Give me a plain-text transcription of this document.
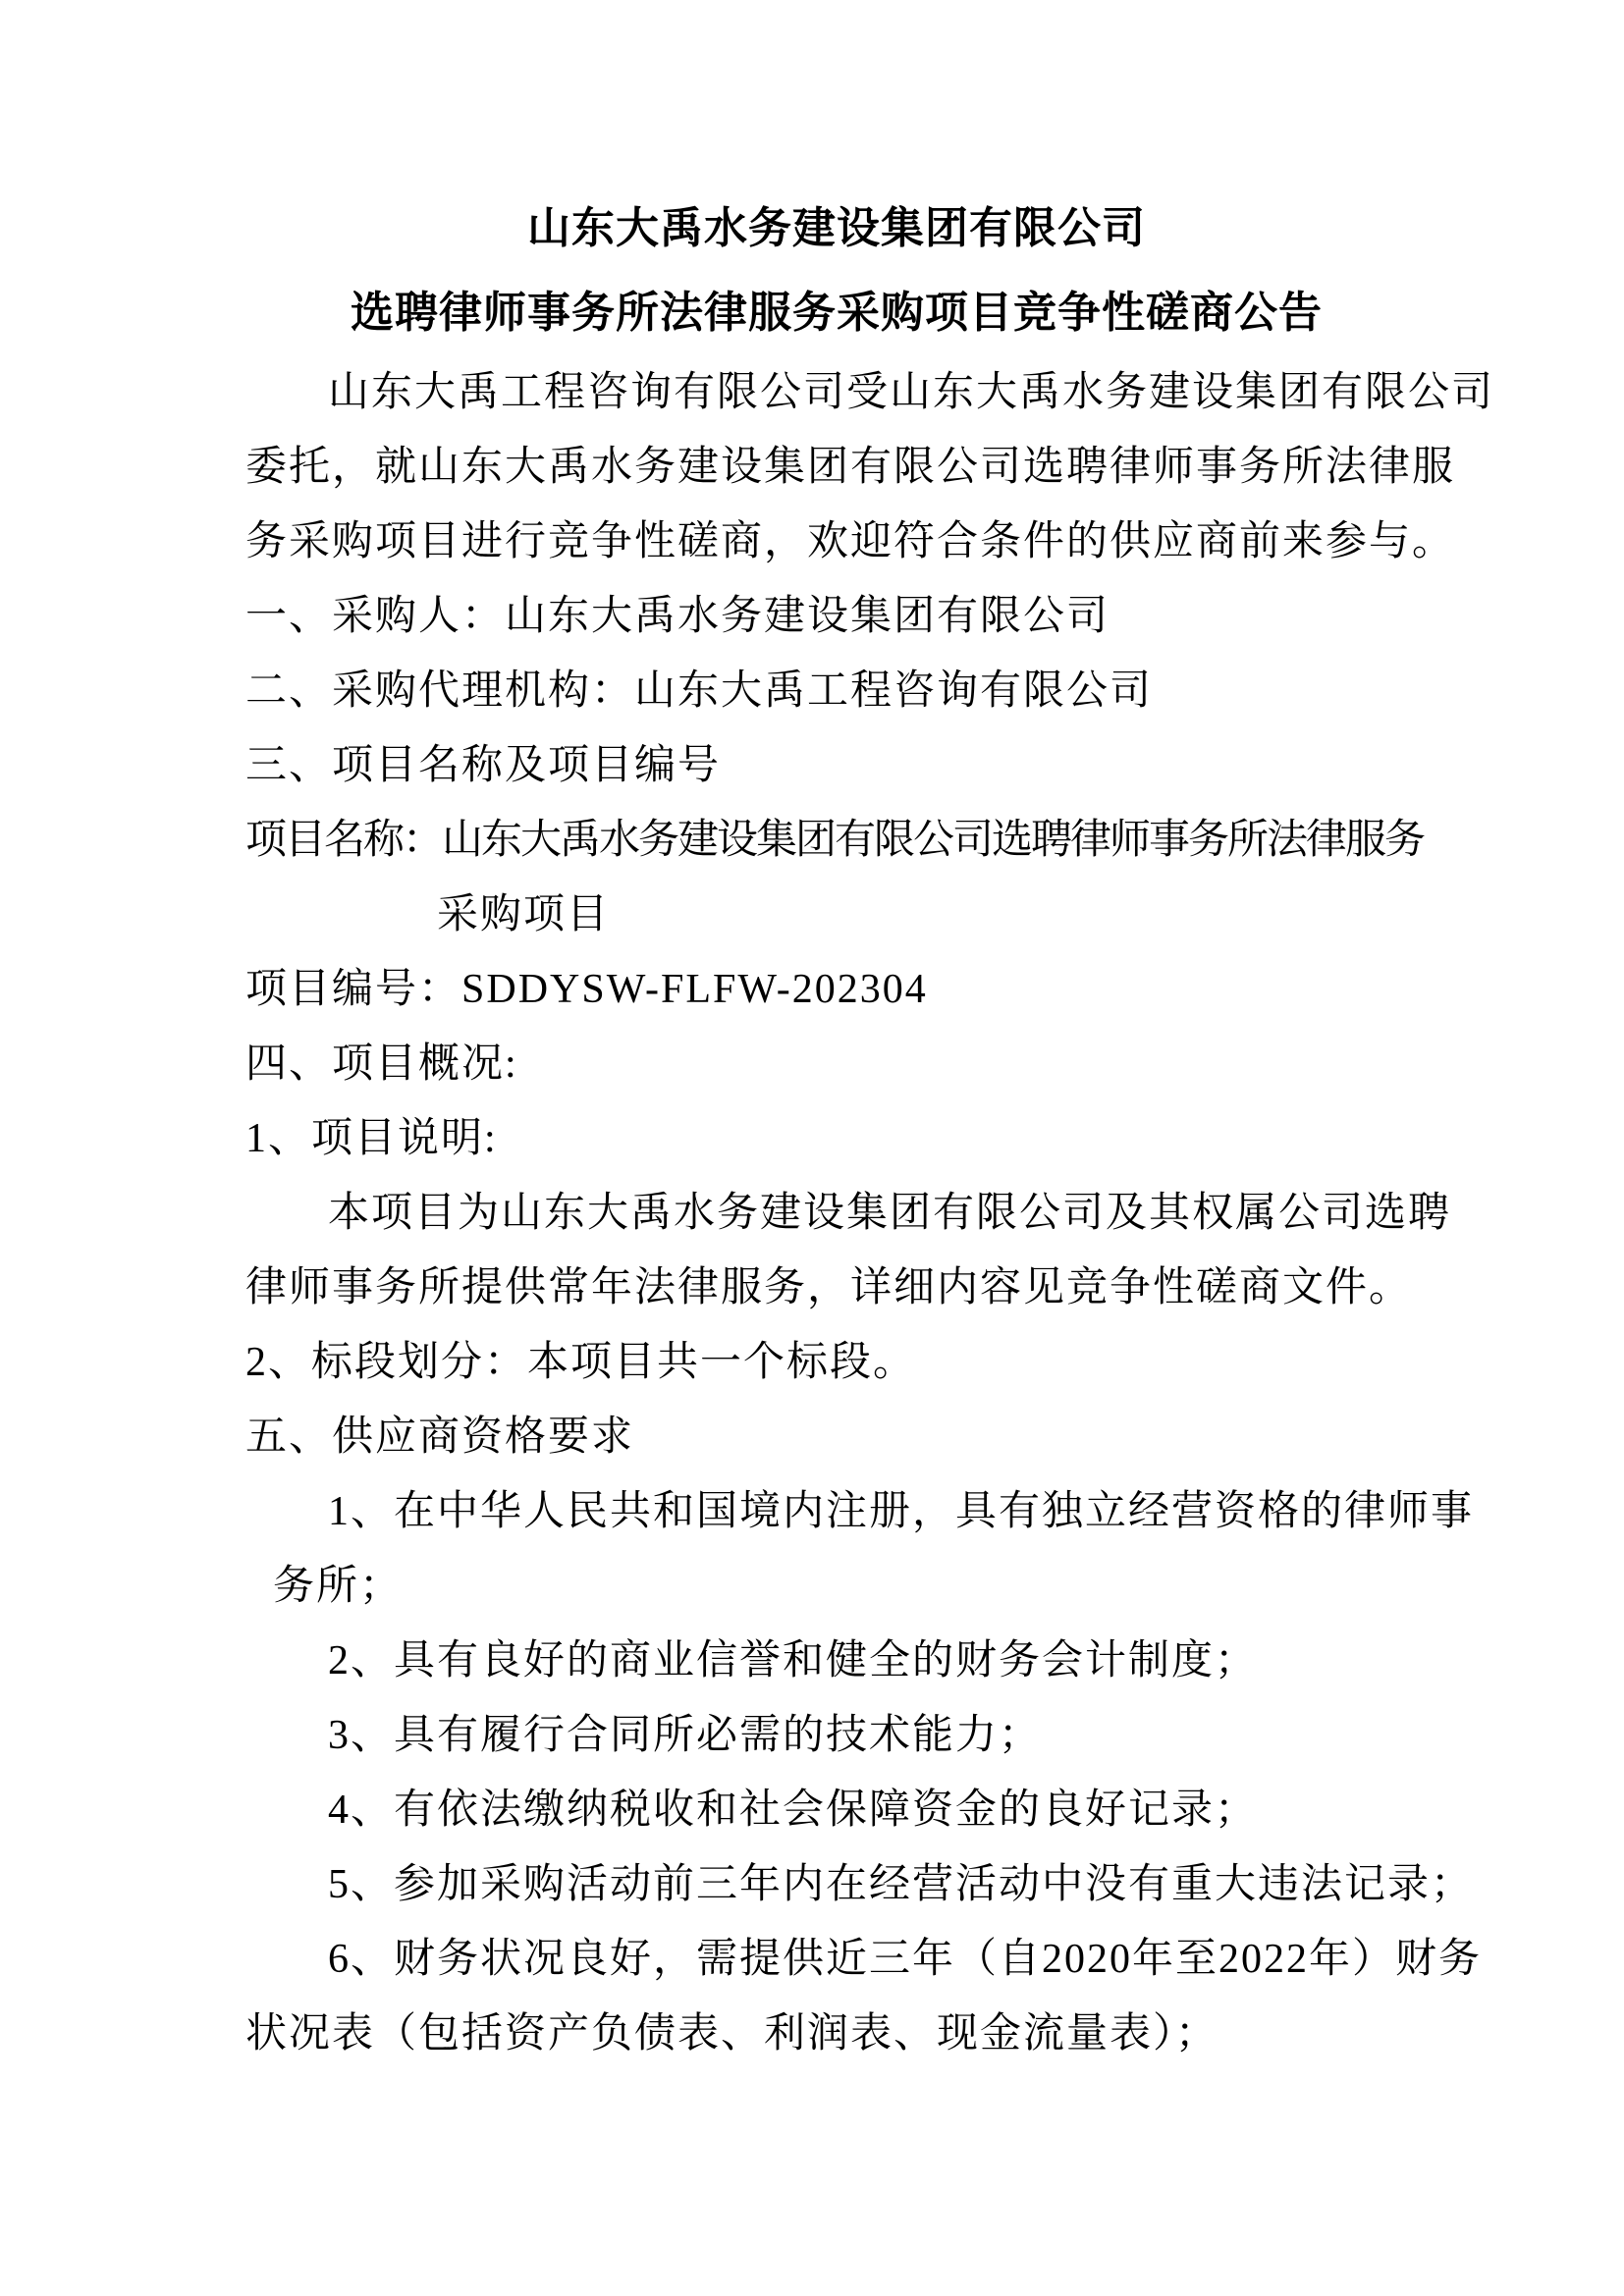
山东大禹水务建设集团有限公司
选聘律师事务所法律服务采购项目竞争性磋商公告
山东大禹工程咨询有限公司受山东大禹水务建设集团有限公司
委托，就山东大禹水务建设集团有限公司选聘律师事务所法律服
务采购项目进行竞争性磋商，欢迎符合条件的供应商前来参与。
一、采购人：山东大禹水务建设集团有限公司
二、采购代理机构：山东大禹工程咨询有限公司
三、项目名称及项目编号
项目名称：山东大禹水务建设集团有限公司选聘律师事务所法律服务
采购项目
项目编号：SDDYSW-FLFW-202304
四、项目概况:
1、项目说明:
本项目为山东大禹水务建设集团有限公司及其权属公司选聘
律师事务所提供常年法律服务，详细内容见竞争性磋商文件。
2、标段划分：本项目共一个标段。
五、供应商资格要求
1、在中华人民共和国境内注册，具有独立经营资格的律师事
务所；
2、具有良好的商业信誉和健全的财务会计制度；
3、具有履行合同所必需的技术能力；
4、有依法缴纳税收和社会保障资金的良好记录；
5、参加采购活动前三年内在经营活动中没有重大违法记录；
6、财务状况良好，需提供近三年（自2020年至2022年）财务
状况表（包括资产负债表、利润表、现金流量表）；
